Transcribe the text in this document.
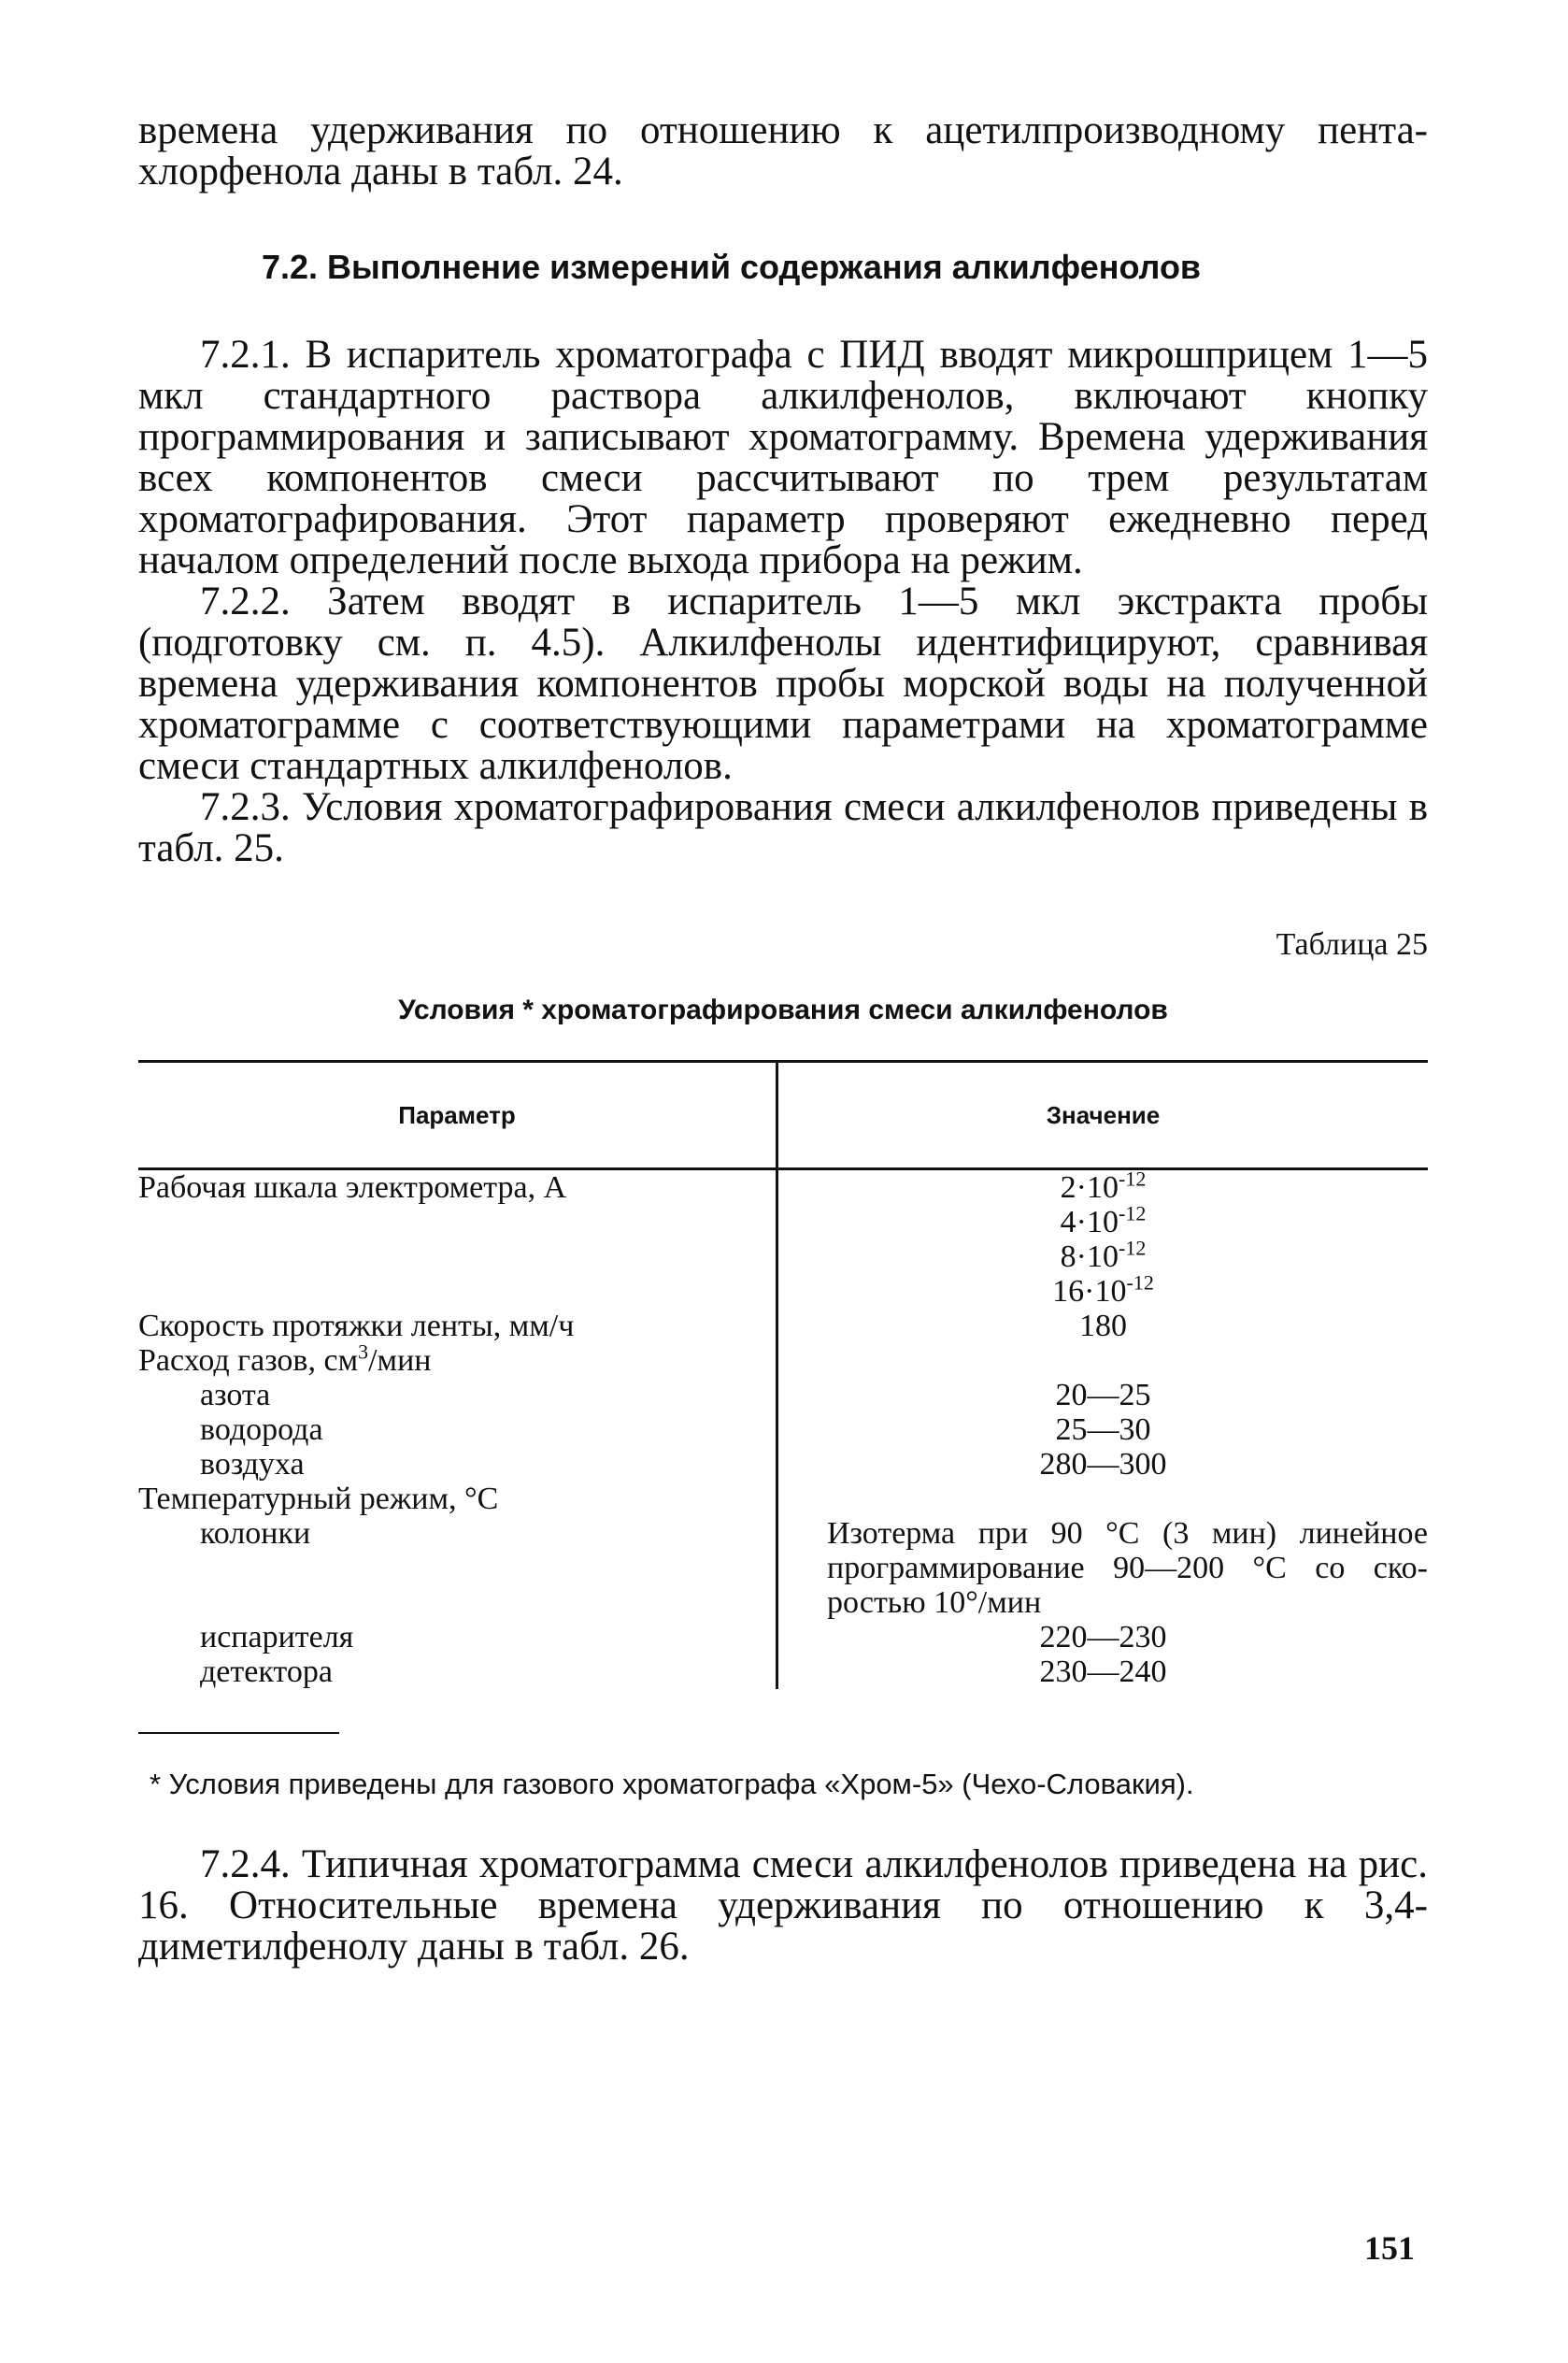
времена удерживания по отношению к ацетилпроизводному пентахлорфенола даны в табл. 24.

7.2. Выполнение измерений содержания алкилфенолов

7.2.1. В испаритель хроматографа с ПИД вводят микрошприцем 1—5 мкл стандартного раствора алкилфенолов, включают кнопку программирования и записывают хроматограмму. Времена удерживания всех компонентов смеси рассчитывают по трем результатам хроматографирования. Этот параметр проверяют ежедневно перед началом определений после выхода прибора на режим.

7.2.2. Затем вводят в испаритель 1—5 мкл экстракта пробы (подготовку см. п. 4.5). Алкилфенолы идентифицируют, сравнивая времена удерживания компонентов пробы морской воды на полученной хроматограмме с соответствующими параметрами на хроматограмме смеси стандартных алкилфенолов.

7.2.3. Условия хроматографирования смеси алкилфенолов приведены в табл. 25.

Таблица 25
Условия * хроматографирования смеси алкилфенолов
Параметр	Значение
Рабочая шкала электрометра, А	$2\cdot 10^{-12}$
$4\cdot 10^{-12}$
$8\cdot 10^{-12}$
$16\cdot 10^{-12}$

Скорость протяжки ленты, мм/ч	180
Расход газов, $см^3$/мин	

азота	20—25

водорода	25—30

воздуха	280—300
Температурный режим, °С	

колонки	Изотерма при 90 °С (3 мин) линейное программирование 90—200 °С со скоростью 10°/мин

испарителя	220—230

детектора	230—240

* Условия приведены для газового хроматографа «Хром-5» (Чехо-Словакия).

7.2.4. Типичная хроматограмма смеси алкилфенолов приведена на рис. 16. Относительные времена удерживания по отношению к 3,4-диметилфенолу даны в табл. 26.

151
